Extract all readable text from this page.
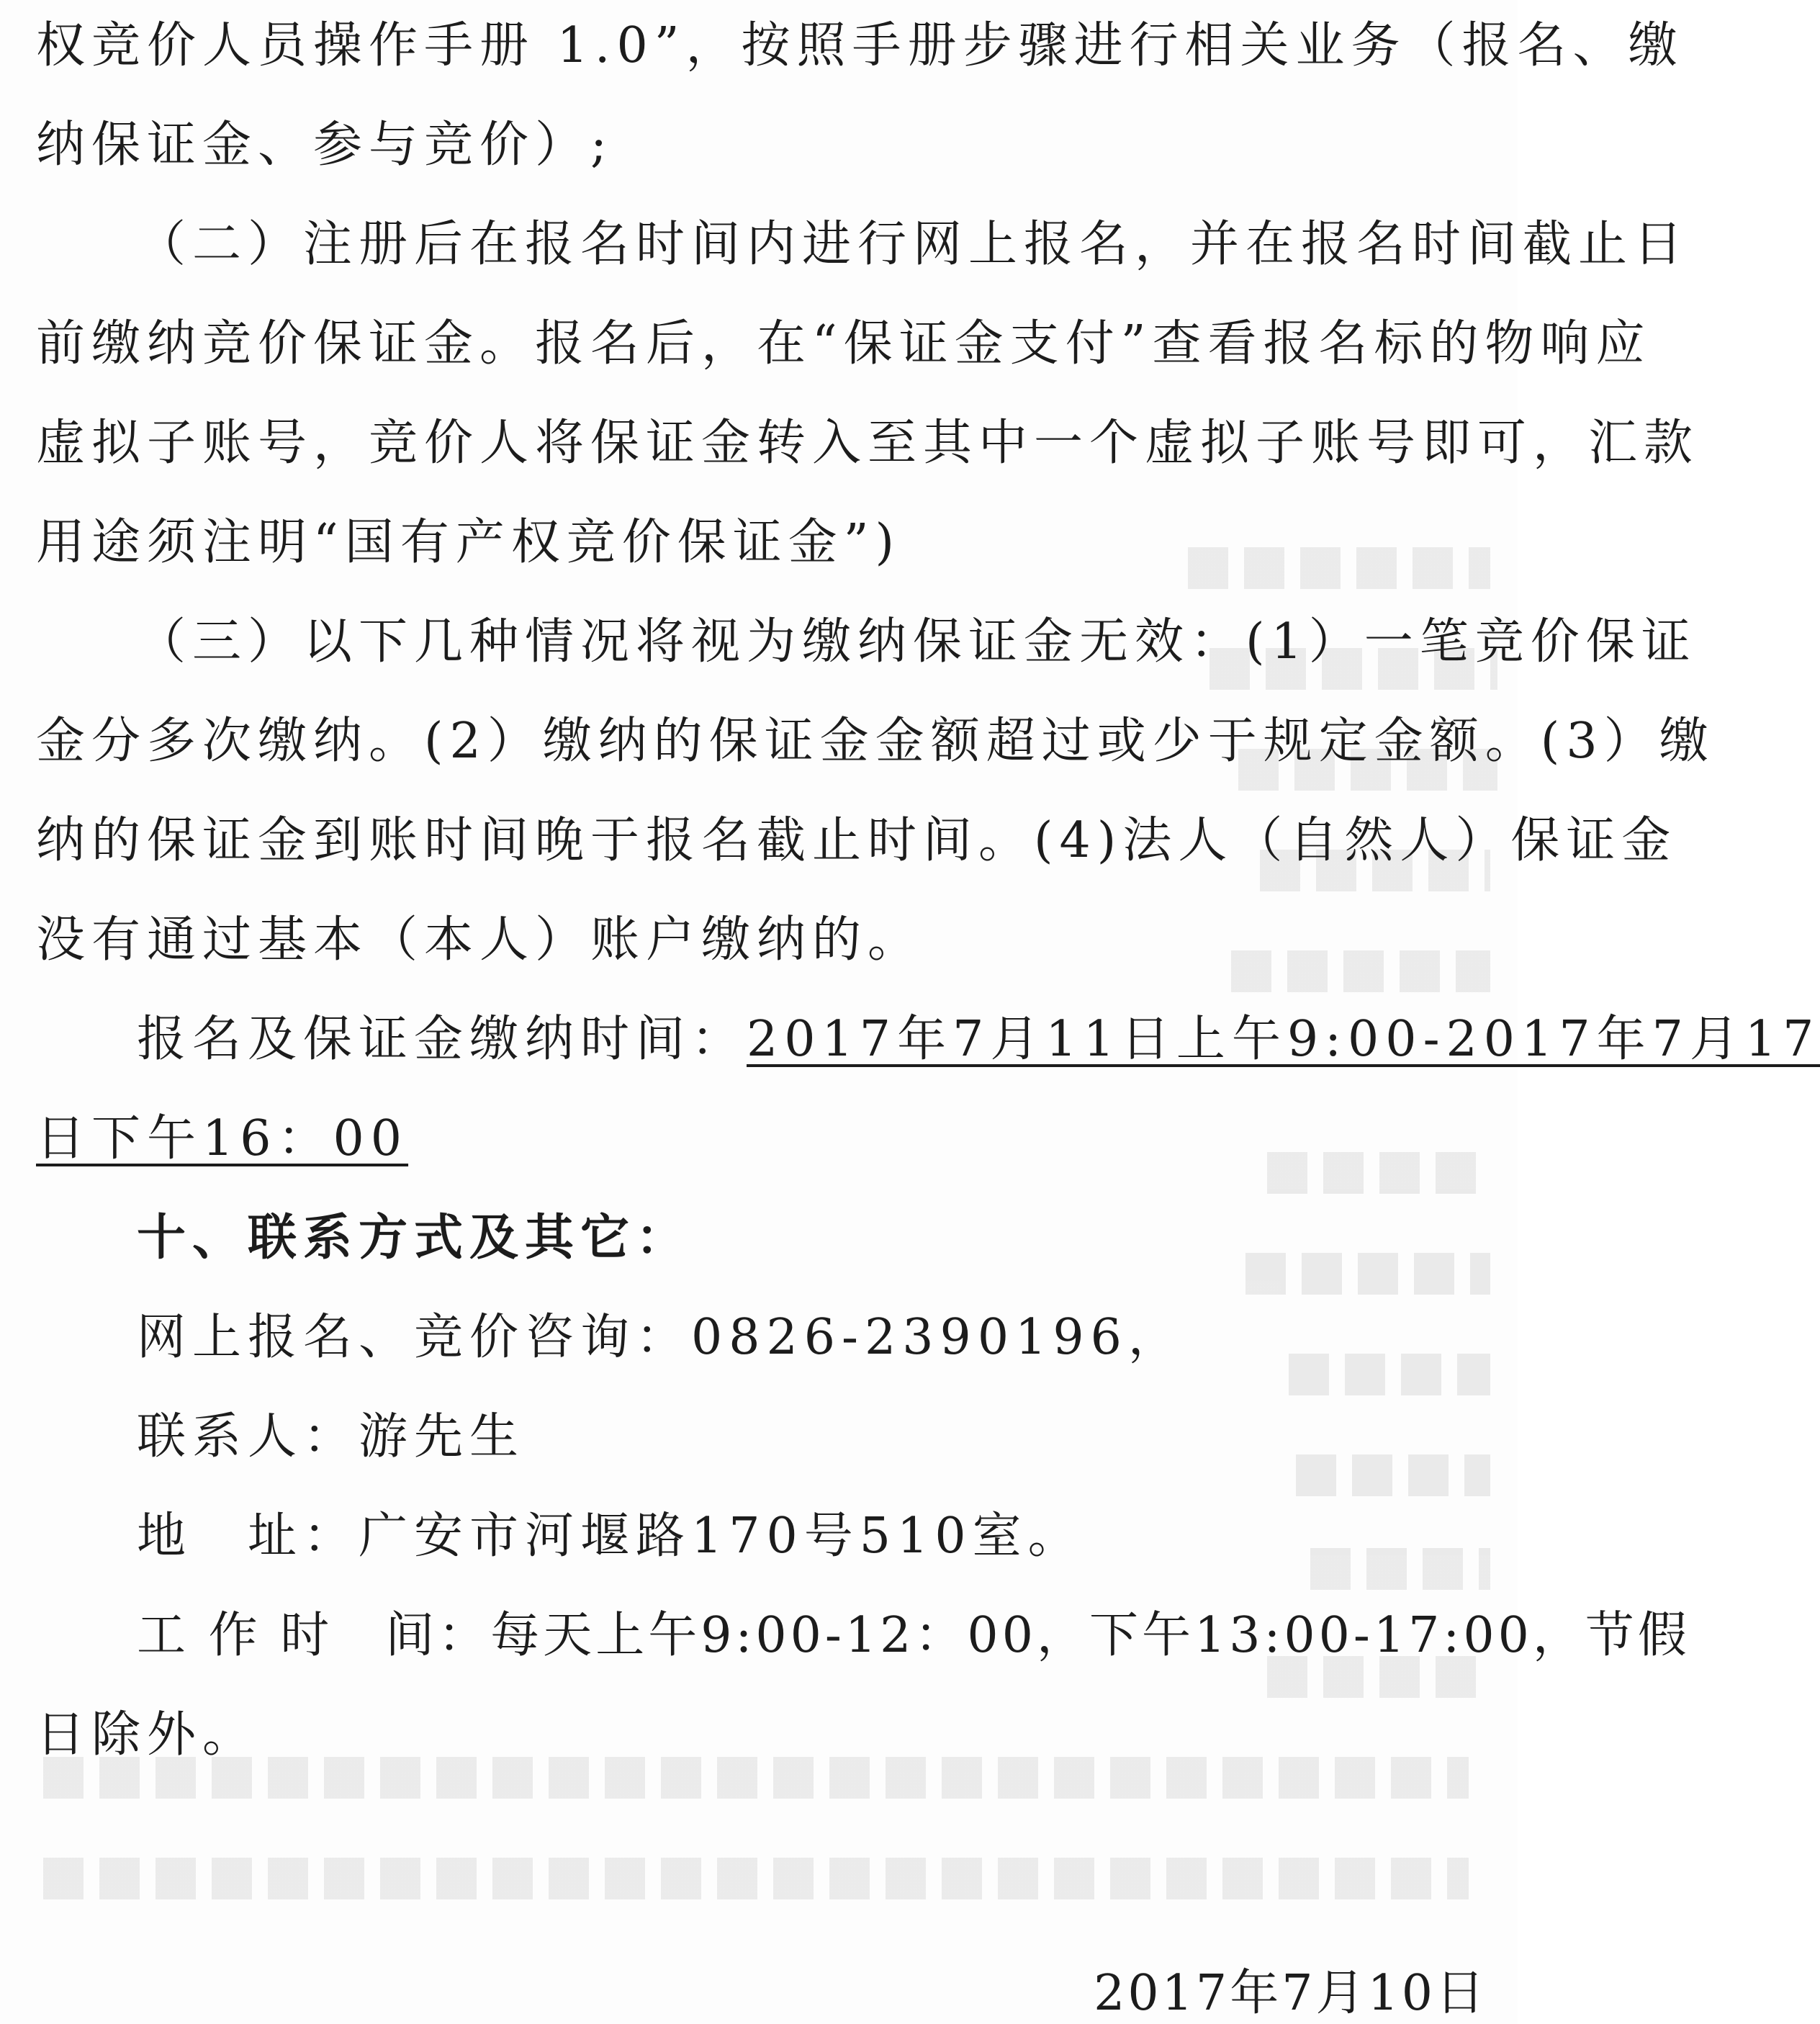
权竞价人员操作手册 1.0”，按照手册步骤进行相关业务（报名、缴
纳保证金、参与竞价）;
（二）注册后在报名时间内进行网上报名，并在报名时间截止日
前缴纳竞价保证金。报名后，在“保证金支付”查看报名标的物响应
虚拟子账号，竞价人将保证金转入至其中一个虚拟子账号即可，汇款
用途须注明“国有产权竞价保证金”)
（三）以下几种情况将视为缴纳保证金无效：(1）一笔竞价保证
金分多次缴纳。(2）缴纳的保证金金额超过或少于规定金额。(3）缴
纳的保证金到账时间晚于报名截止时间。(4)法人（自然人）保证金
没有通过基本（本人）账户缴纳的。
报名及保证金缴纳时间：2017年7月11日上午9:00-2017年7月17
日下午16：00
十、联系方式及其它：
网上报名、竞价咨询：0826-2390196，
联系人：游先生
地　址：广安市河堰路170号510室。
工 作 时　间：每天上午9:00-12：00，下午13:00-17:00，节假
日除外。
2017年7月10日
